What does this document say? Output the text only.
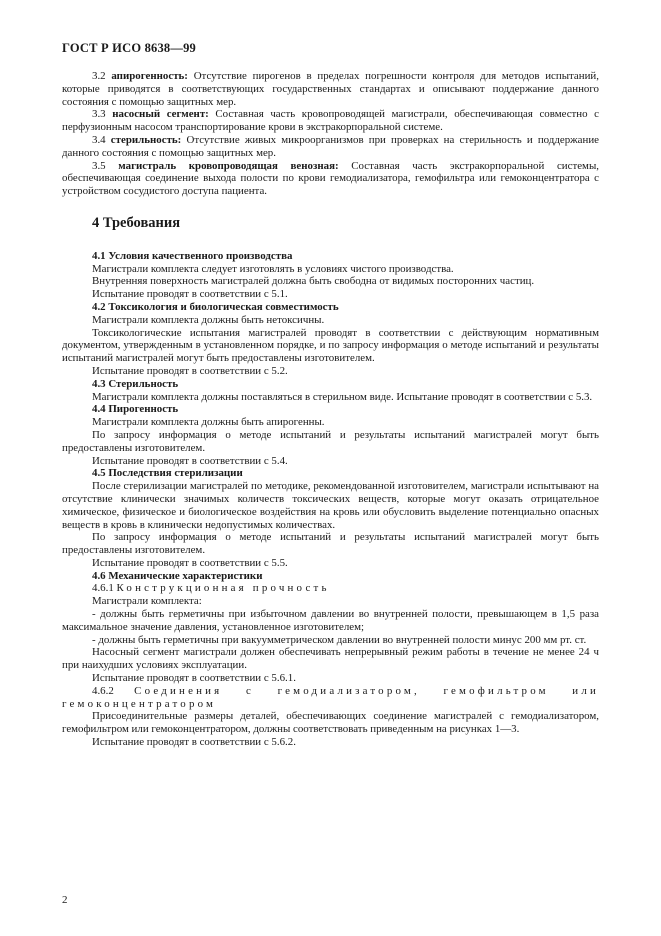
ГОСТ Р ИСО 8638—99

3.2 апирогенность: Отсутствие пирогенов в пределах погрешности контроля для методов испытаний, которые приводятся в соответствующих государственных стандартах и описывают поддержание данного состояния с помощью защитных мер.

3.3 насосный сегмент: Составная часть кровопроводящей магистрали, обеспечивающая совместно с перфузионным насосом транспортирование крови в экстракорпоральной системе.

3.4 стерильность: Отсутствие живых микроорганизмов при проверках на стерильность и поддержание данного состояния с помощью защитных мер.

3.5 магистраль кровопроводящая венозная: Составная часть экстракорпоральной системы, обеспечивающая соединение выхода полости по крови гемодиализатора, гемофильтра или гемоконцентратора с устройством сосудистого доступа пациента.

4 Требования

4.1 Условия качественного производства

Магистрали комплекта следует изготовлять в условиях чистого производства.

Внутренняя поверхность магистралей должна быть свободна от видимых посторонних частиц.

Испытание проводят в соответствии с 5.1.

4.2 Токсикология и биологическая совместимость

Магистрали комплекта должны быть нетоксичны.

Токсикологические испытания магистралей проводят в соответствии с действующим нормативным документом, утвержденным в установленном порядке, и по запросу информация о методе испытаний и результаты испытаний магистралей могут быть предоставлены изготовителем.

Испытание проводят в соответствии с 5.2.

4.3 Стерильность

Магистрали комплекта должны поставляться в стерильном виде. Испытание проводят в соответствии с 5.3.

4.4 Пирогенность

Магистрали комплекта должны быть апирогенны.

По запросу информация о методе испытаний и результаты испытаний магистралей могут быть предоставлены изготовителем.

Испытание проводят в соответствии с 5.4.

4.5 Последствия стерилизации

После стерилизации магистралей по методике, рекомендованной изготовителем, магистрали испытывают на отсутствие клинически значимых количеств токсических веществ, которые могут оказать отрицательное химическое, физическое и биологическое воздействия на кровь или обусловить выделение потенциально опасных веществ в кровь в клинически недопустимых количествах.

По запросу информация о методе испытаний и результаты испытаний магистралей могут быть предоставлены изготовителем.

Испытание проводят в соответствии с 5.5.

4.6 Механические характеристики

4.6.1 Конструкционная прочность

Магистрали комплекта:

- должны быть герметичны при избыточном давлении во внутренней полости, превышающем в 1,5 раза максимальное значение давления, установленное изготовителем;

- должны быть герметичны при вакуумметрическом давлении во внутренней полости минус 200 мм рт. ст.

Насосный сегмент магистрали должен обеспечивать непрерывный режим работы в течение не менее 24 ч при наихудших условиях эксплуатации.

Испытание проводят в соответствии с 5.6.1.

4.6.2 Соединения с гемодиализатором, гемофильтром или гемоконцентратором

Присоединительные размеры деталей, обеспечивающих соединение магистралей с гемодиализатором, гемофильтром или гемоконцентратором, должны соответствовать приведенным на рисунках 1—3.

Испытание проводят в соответствии с 5.6.2.

2
